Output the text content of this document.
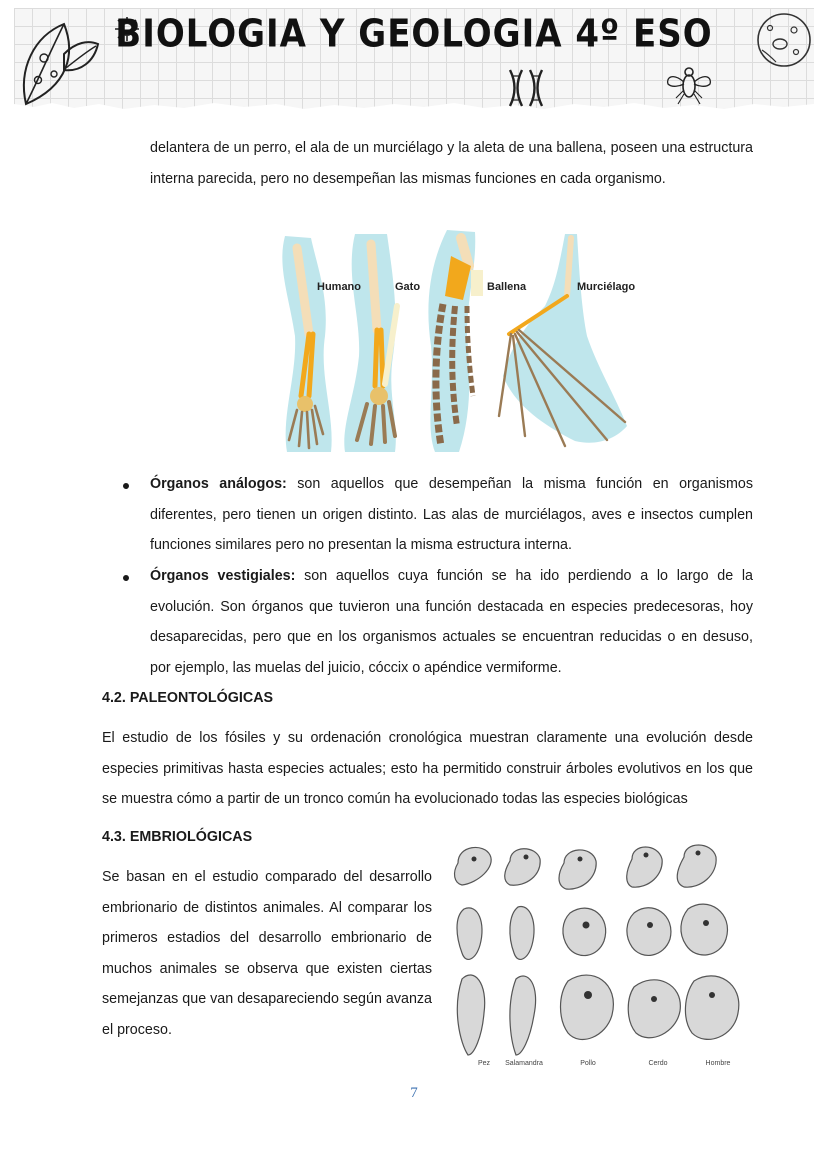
BIOLOGIA Y GEOLOGIA 4º ESO

delantera de un perro, el ala de un murciélago y la aleta de una ballena, poseen una estructura interna parecida, pero no desempeñan las mismas funciones en cada organismo.

Humano	Gato	Ballena	Murciélago

Órganos análogos: son aquellos que desempeñan la misma función en organismos diferentes, pero tienen un origen distinto. Las alas de murciélagos, aves e insectos cumplen funciones similares pero no presentan la misma estructura interna.

Órganos vestigiales: son aquellos cuya función se ha ido perdiendo a lo largo de la evolución. Son órganos que tuvieron una función destacada en especies predecesoras, hoy desaparecidas, pero que en los organismos actuales se encuentran reducidas o en desuso, por ejemplo, las muelas del juicio, cóccix o apéndice vermiforme.

4.2. PALEONTOLÓGICAS

El estudio de los fósiles y su ordenación cronológica muestran claramente una evolución desde especies primitivas hasta especies actuales; esto ha permitido construir árboles evolutivos en los que se muestra cómo a partir de un tronco común ha evolucionado todas las especies biológicas

4.3. EMBRIOLÓGICAS

Se basan en el estudio comparado del desarrollo embrionario de distintos animales. Al comparar los primeros estadios del desarrollo embrionario de muchos animales se observa que existen ciertas semejanzas que van desapareciendo según avanza el proceso.

Pez Salamandra	Pollo	Cerdo	Hombre
7
